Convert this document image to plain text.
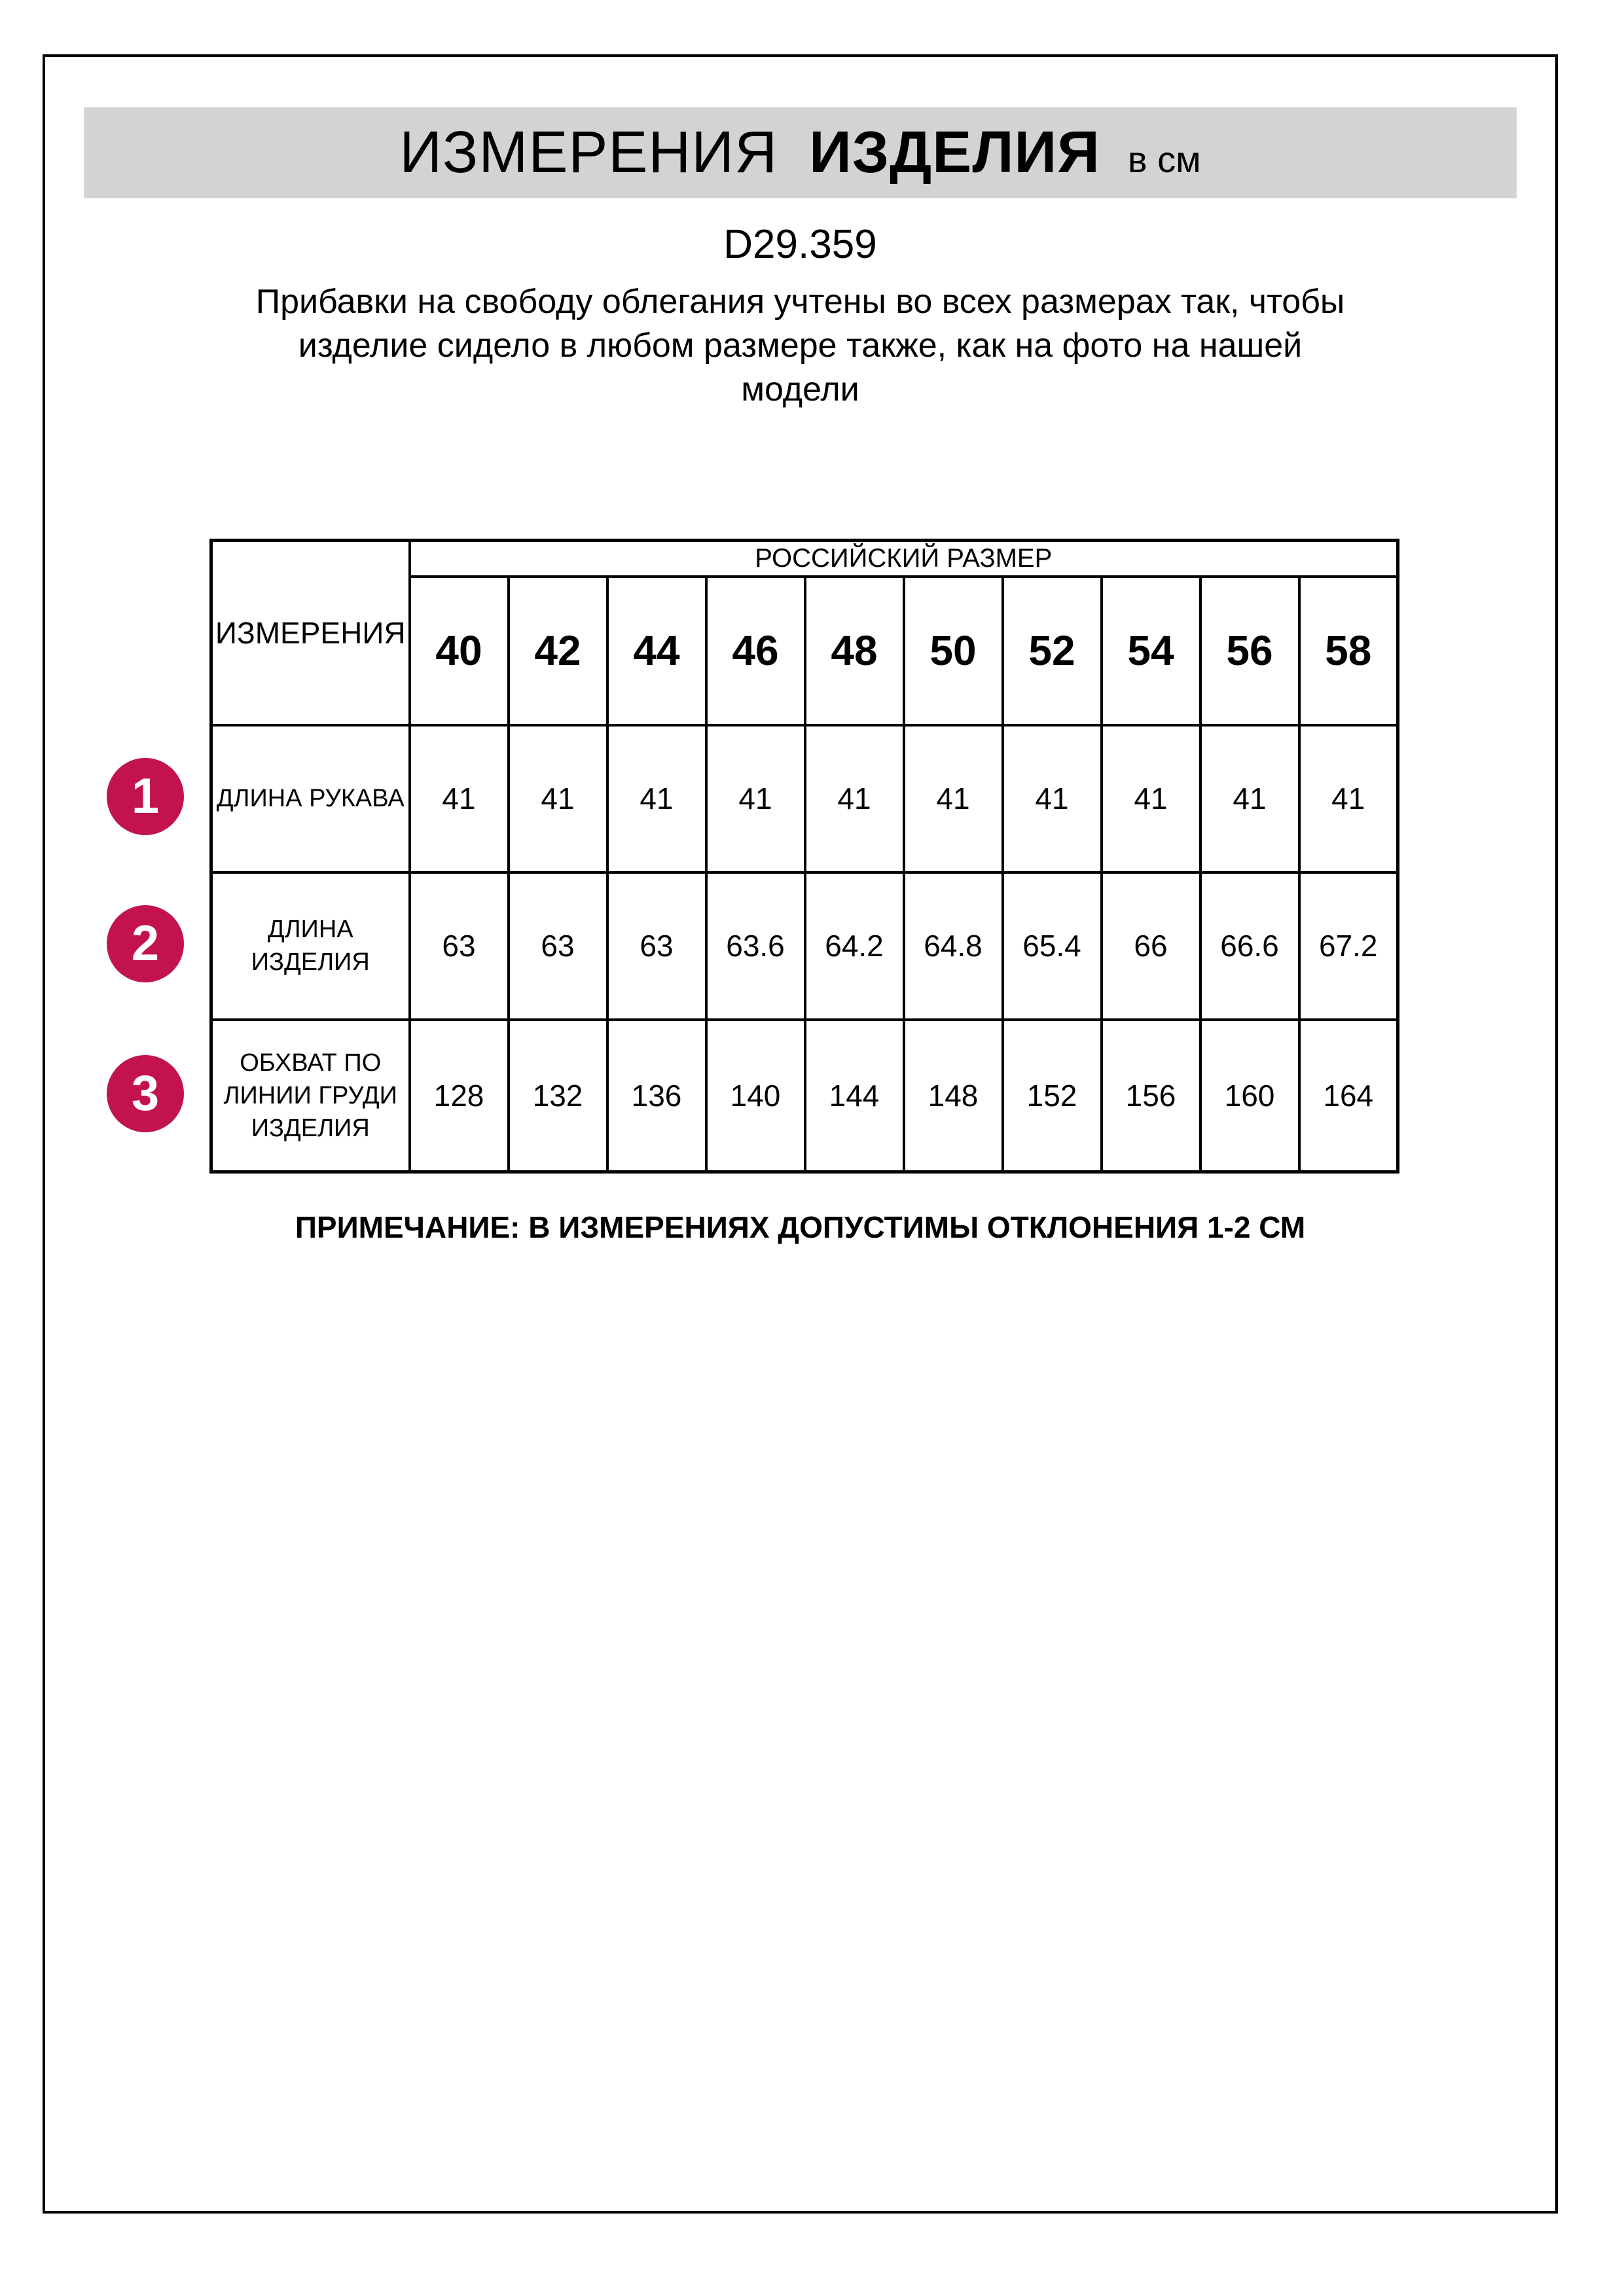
ИЗМЕРЕНИЯ ИЗДЕЛИЯ в см
D29.359
Прибавки на свободу облегания учтены во всех размерах так, чтобы
изделие сидело в любом размере также, как на фото на нашей
модели
ИЗМЕРЕНИЯ	РОССИЙСКИЙ РАЗМЕР									
	40	42	44	46	48	50	52	54	56	58
ДЛИНА РУКАВА	41	41	41	41	41	41	41	41	41	41
ДЛИНА ИЗДЕЛИЯ	63	63	63	63.6	64.2	64.8	65.4	66	66.6	67.2
ОБХВАТ ПО ЛИНИИ ГРУДИ ИЗДЕЛИЯ	128	132	136	140	144	148	152	156	160	164
1
2
3
ПРИМЕЧАНИЕ: В ИЗМЕРЕНИЯХ ДОПУСТИМЫ ОТКЛОНЕНИЯ 1-2 СМ
